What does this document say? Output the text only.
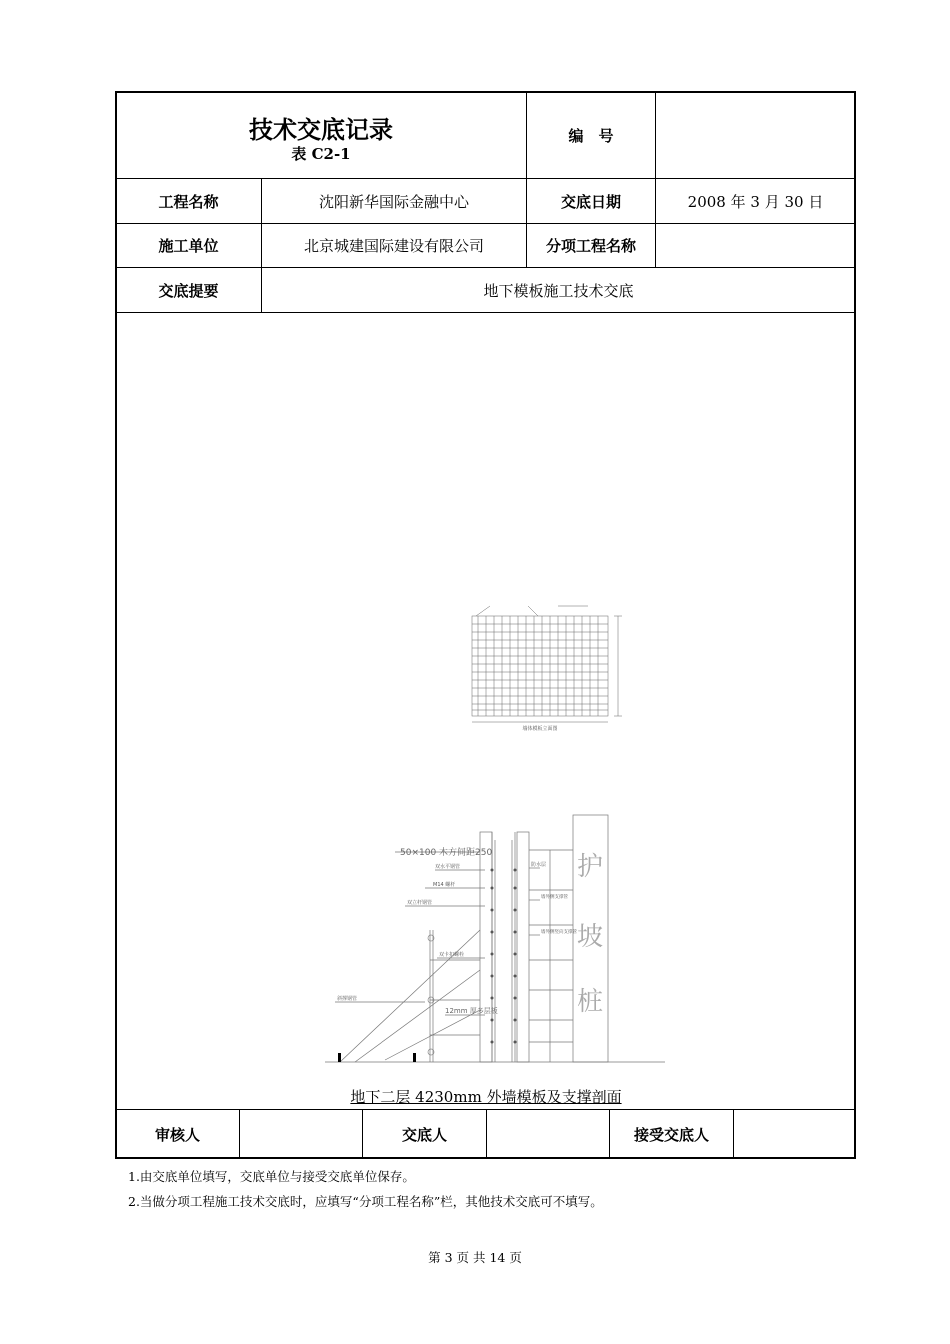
技术交底记录
表 C2-1
编　号
工程名称	沈阳新华国际金融中心	交底日期	2008 年 3 月 30 日
施工单位	北京城建国际建设有限公司	分项工程名称
交底提要	地下模板施工技术交底
墙体模板立面图
50×100 木方间距250
双水平钢管
M14 螺杆
双立杆钢管
防水层
墙外侧支撑管
墙外侧竖向支撑管
双卡扣螺栓
斜撑钢管
12mm 厚多层板
护
坡
桩
地下二层 4230mm 外墙模板及支撑剖面
审核人	交底人	接受交底人
1.由交底单位填写，交底单位与接受交底单位保存。
2.当做分项工程施工技术交底时，应填写“分项工程名称”栏，其他技术交底可不填写。
第 3 页 共 14 页
